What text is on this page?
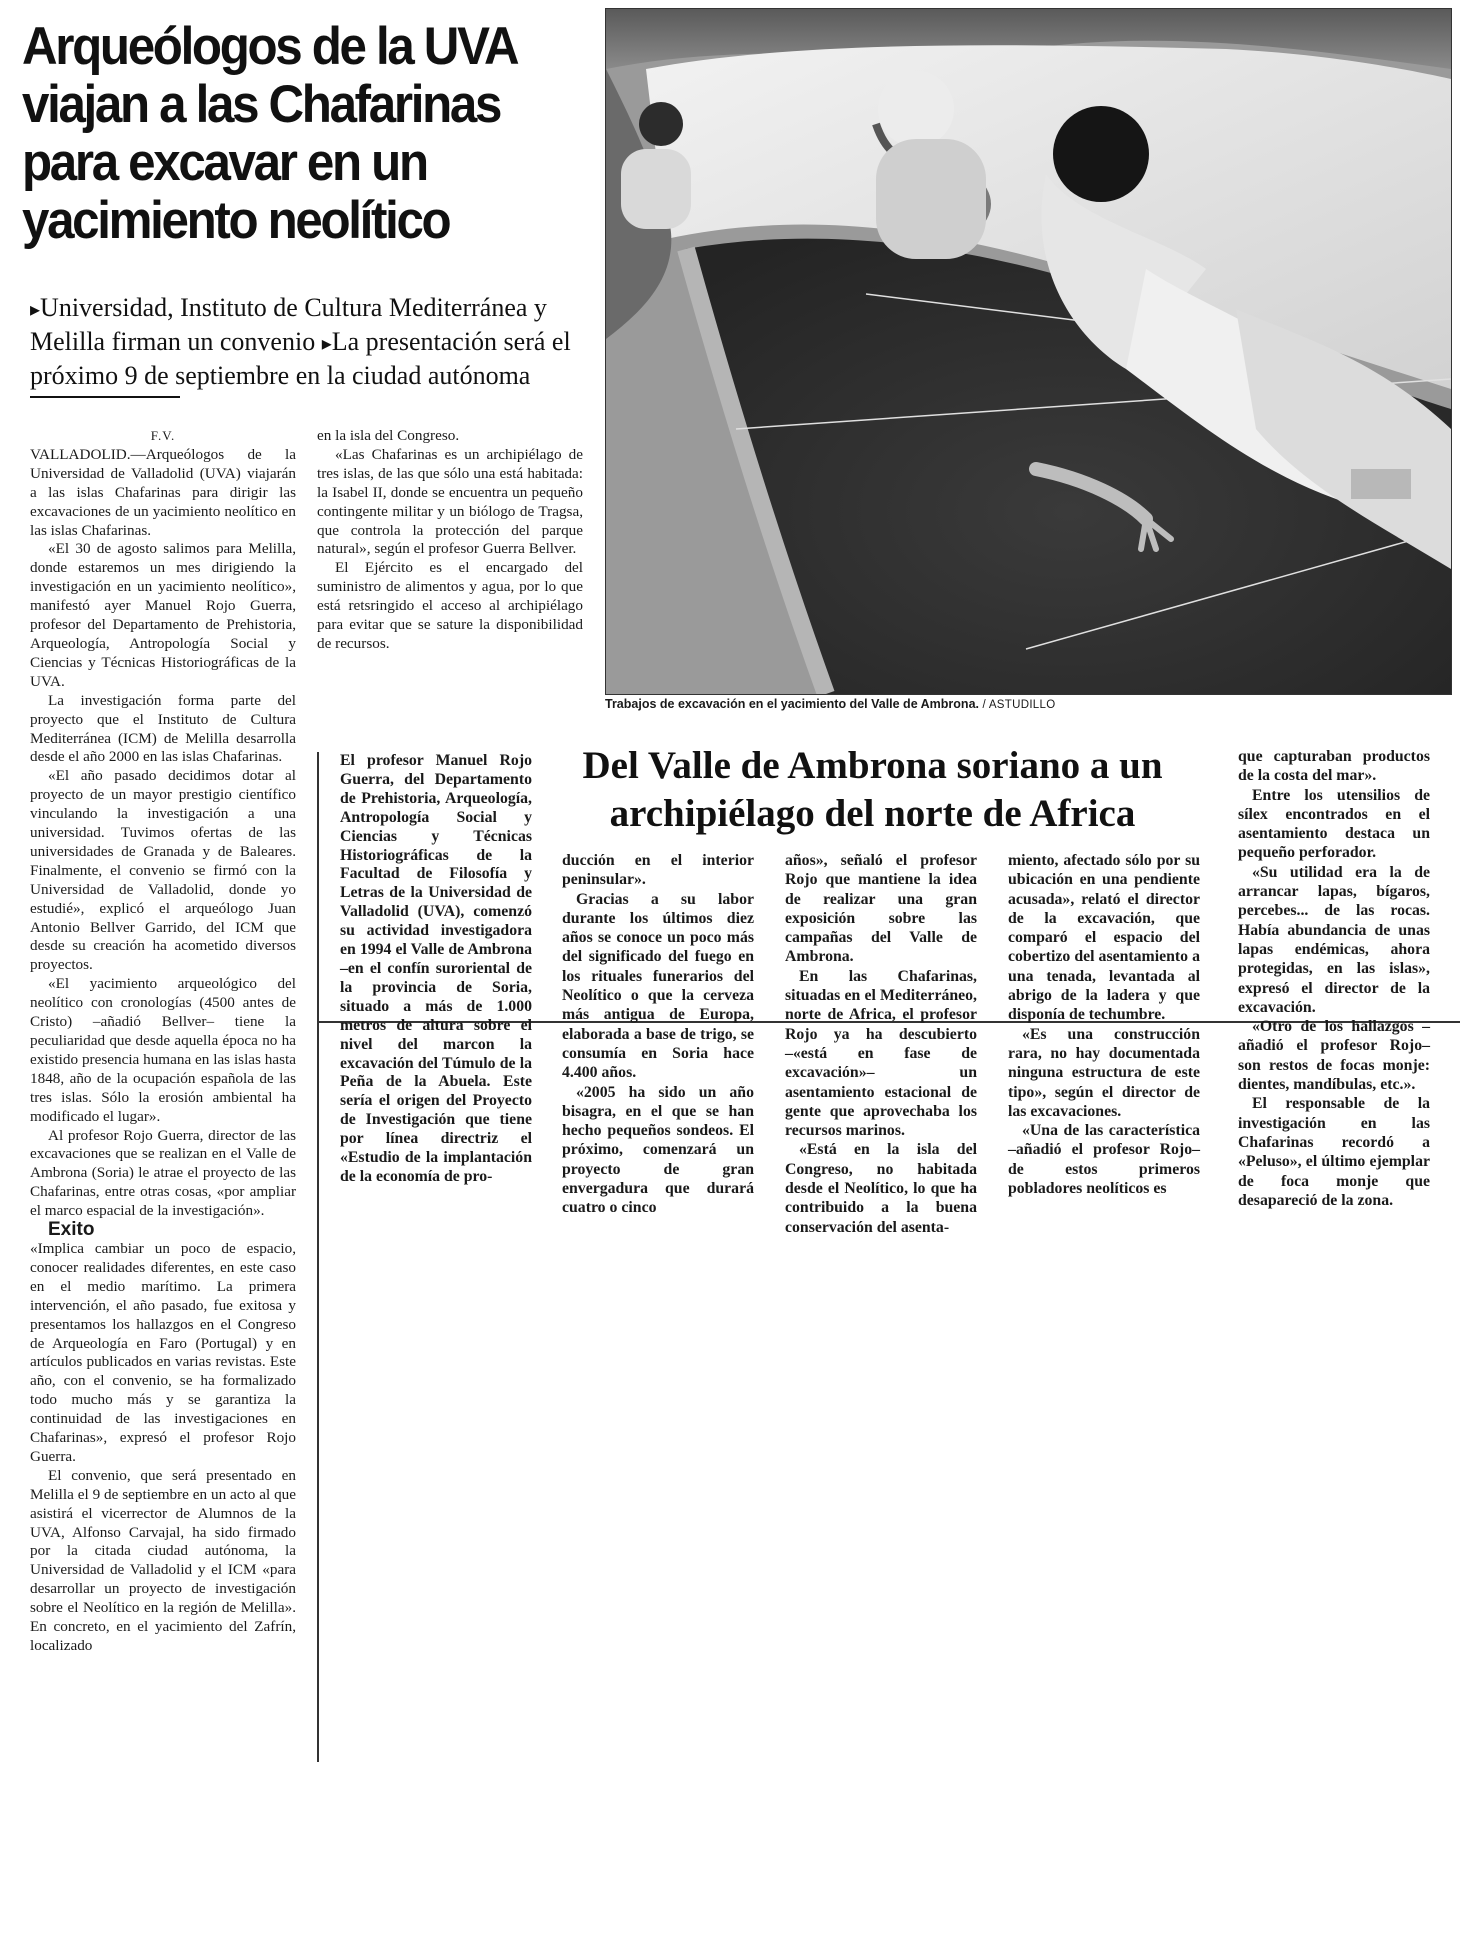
Arqueólogos de la UVA
viajan a las Chafarinas
para excavar en un
yacimiento neolítico

▸Universidad, Instituto de Cultura Mediterránea y Melilla firman un convenio ▸La presentación será el próximo 9 de septiembre en la ciudad autónoma

F.V.

VALLADOLID.—Arqueólogos de la Universidad de Valladolid (UVA) viajarán a las islas Chafarinas para dirigir las excavaciones de un yacimiento neolítico en las islas Chafarinas.

«El 30 de agosto salimos para Melilla, donde estaremos un mes dirigiendo la investigación en un yacimiento neolítico», manifestó ayer Manuel Rojo Guerra, profesor del Departamento de Prehistoria, Arqueología, Antropología Social y Ciencias y Técnicas Historiográficas de la UVA.

La investigación forma parte del proyecto que el Instituto de Cultura Mediterránea (ICM) de Melilla desarrolla desde el año 2000 en las islas Chafarinas.

«El año pasado decidimos dotar al proyecto de un mayor prestigio científico vinculando la investigación a una universidad. Tuvimos ofertas de las universidades de Granada y de Baleares. Finalmente, el convenio se firmó con la Universidad de Valladolid, donde yo estudié», explicó el arqueólogo Juan Antonio Bellver Garrido, del ICM que desde su creación ha acometido diversos proyectos.

«El yacimiento arqueológico del neolítico con cronologías (4500 antes de Cristo) –añadió Bellver– tiene la peculiaridad que desde aquella época no ha existido presencia humana en las islas hasta 1848, año de la ocupación española de las tres islas. Sólo la erosión ambiental ha modificado el lugar».

Al profesor Rojo Guerra, director de las excavaciones que se realizan en el Valle de Ambrona (Soria) le atrae el proyecto de las Chafarinas, entre otras cosas, «por ampliar el marco espacial de la investigación».

Exito

«Implica cambiar un poco de espacio, conocer realidades diferentes, en este caso en el medio marítimo. La primera intervención, el año pasado, fue exitosa y presentamos los hallazgos en el Congreso de Arqueología en Faro (Portugal) y en artículos publicados en varias revistas. Este año, con el convenio, se ha formalizado todo mucho más y se garantiza la continuidad de las investigaciones en Chafarinas», expresó el profesor Rojo Guerra.

El convenio, que será presentado en Melilla el 9 de septiembre en un acto al que asistirá el vicerrector de Alumnos de la UVA, Alfonso Carvajal, ha sido firmado por la citada ciudad autónoma, la Universidad de Valladolid y el ICM «para desarrollar un proyecto de investigación sobre el Neolítico en la región de Melilla». En concreto, en el yacimiento del Zafrín, localizado

en la isla del Congreso.

«Las Chafarinas es un archipiélago de tres islas, de las que sólo una está habitada: la Isabel II, donde se encuentra un pequeño contingente militar y un biólogo de Tragsa, que controla la protección del parque natural», según el profesor Guerra Bellver.

El Ejército es el encargado del suministro de alimentos y agua, por lo que está retsringido el acceso al archipiélago para evitar que se sature la disponibilidad de recursos.

Trabajos de excavación en el yacimiento del Valle de Ambrona. / ASTUDILLO

Del Valle de Ambrona soriano a un
archipiélago del norte de Africa

El profesor Manuel Rojo Guerra, del Departamento de Prehistoria, Arqueología, Antropología Social y Ciencias y Técnicas Historiográficas de la Facultad de Filosofía y Letras de la Universidad de Valladolid (UVA), comenzó su actividad investigadora en 1994 el Valle de Ambrona –en el confín suroriental de la provincia de Soria, situado a más de 1.000 metros de altura sobre el nivel del marcon la excavación del Túmulo de la Peña de la Abuela. Este sería el origen del Proyecto de Investigación que tiene por línea directriz el «Estudio de la implantación de la economía de pro-

ducción en el interior peninsular».

Gracias a su labor durante los últimos diez años se conoce un poco más del significado del fuego en los rituales funerarios del Neolítico o que la cerveza más antigua de Europa, elaborada a base de trigo, se consumía en Soria hace 4.400 años.

«2005 ha sido un año bisagra, en el que se han hecho pequeños sondeos. El próximo, comenzará un proyecto de gran envergadura que durará cuatro o cinco

años», señaló el profesor Rojo que mantiene la idea de realizar una gran exposición sobre las campañas del Valle de Ambrona.

En las Chafarinas, situadas en el Mediterráneo, norte de Africa, el profesor Rojo ya ha descubierto –«está en fase de excavación»– un asentamiento estacional de gente que aprovechaba los recursos marinos.

«Está en la isla del Congreso, no habitada desde el Neolítico, lo que ha contribuido a la buena conservación del asenta-

miento, afectado sólo por su ubicación en una pendiente acusada», relató el director de la excavación, que comparó el espacio del cobertizo del asentamiento a una tenada, levantada al abrigo de la ladera y que disponía de techumbre.

«Es una construcción rara, no hay documentada ninguna estructura de este tipo», según el director de las excavaciones.

«Una de las característica –añadió el profesor Rojo– de estos primeros pobladores neolíticos es

que capturaban productos de la costa del mar».

Entre los utensilios de sílex encontrados en el asentamiento destaca un pequeño perforador.

«Su utilidad era la de arrancar lapas, bígaros, percebes... de las rocas. Había abundancia de unas lapas endémicas, ahora protegidas, en las islas», expresó el director de la excavación.

«Otro de los hallazgos –añadió el profesor Rojo– son restos de focas monje: dientes, mandíbulas, etc.».

El responsable de la investigación en las Chafarinas recordó a «Peluso», el último ejemplar de foca monje que desapareció de la zona.
